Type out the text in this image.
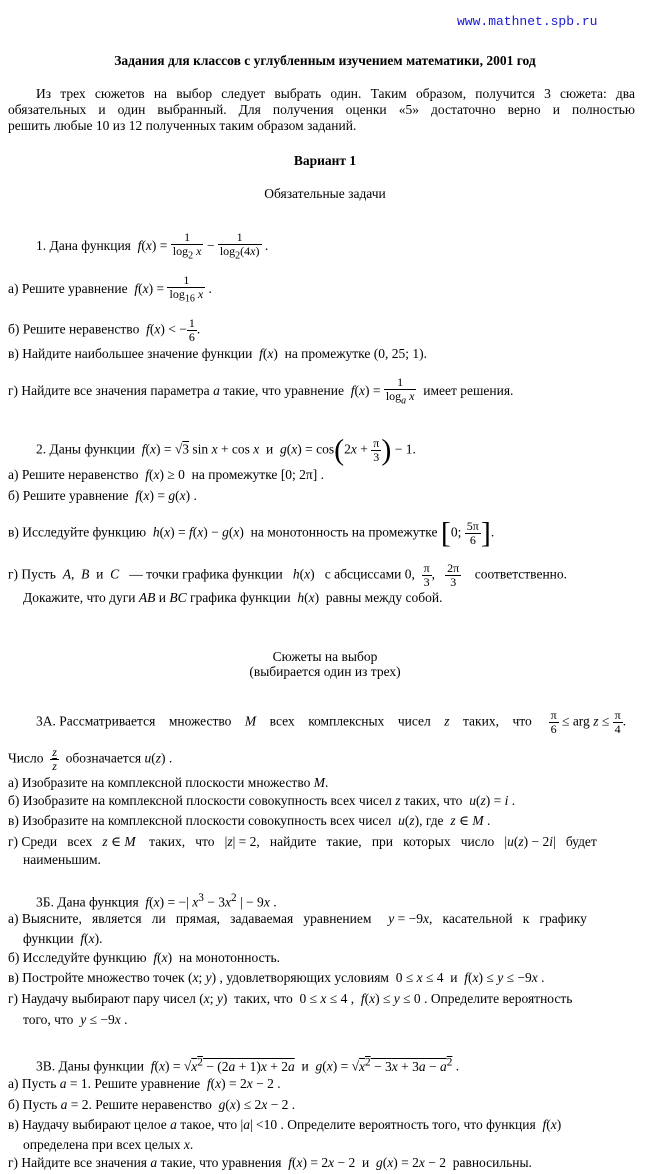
www.mathnet.spb.ru
Задания для классов с углубленным изучением математики, 2001 год
Из трех сюжетов на выбор следует выбрать один. Таким образом, получится 3 сюжета: два
обязательных и один выбранный. Для получения оценки «5» достаточно верно и полностью
решить любые 10 из 12 полученных таким образом заданий.
Вариант 1
Обязательные задачи
1. Дана функция $f(x) = \frac{1}{\log_2 x} - \frac{1}{\log_2(4x)}$ .
а) Решите уравнение $f(x) = \frac{1}{\log_{16} x}$ .
б) Решите неравенство f(x) < − $\frac{1}{6}$ .
в) Найдите наибольшее значение функции f(x)  на промежутке (0, 25; 1).
г) Найдите все значения параметра a такие, что уравнение $f(x) = \frac{1}{\log_a x}$ имеет решения.
2. Даны функции f(x) = √3 sin x + cos x и $g(x) = \cos(2x + \frac{\pi}{3}$ ) − 1.
а) Решите неравенство f(x) ≥ 0  на промежутке [0; 2π] .
б) Решите уравнение f(x) = g(x) .
в) Исследуйте функцию h(x) = f(x) − g(x)  на монотонность на промежутке [0; $\frac{5\pi}{6}$ ].
г) Пусть A,  B и C — точки графика функции h(x)   с абсциссами 0, $\frac{\pi}{3}$ , $\frac{2\pi}{3}$ соответственно.
Докажите, что дуги AB и BC графика функции h(x)  равны между собой.
Сюжеты на выбор
(выбирается один из трех)
3А. Рассматривается множество M всех комплексных чисел z таких, что $\frac{\pi}{6}$ ≤ arg $z \le \frac{\pi}{4}$ .
Число $\frac{z}{z}$ обозначается u(z) .
а) Изобразите на комплексной плоскости множество M.
б) Изобразите на комплексной плоскости совокупность всех чисел z таких, что u(z) = i .
в) Изобразите на комплексной плоскости совокупность всех чисел u(z), где z ∈ M .
г) Среди всех z ∈ M таких, что   |z| = 2, найдите такие, при которых число   |u(z) − 2i|   будет
наименьшим.
3Б. Дана функция f(x) = −| $x^3 - 3x^2$ | − 9x .
а) Выясните, является ли прямая, задаваемая уравнением y = −9x, касательной к графику
функции f(x).
б) Исследуйте функцию f(x)  на монотонность.
в) Постройте множество точек (x; y) , удовлетворяющих условиям  0 ≤ x ≤ 4  и f(x) ≤ y ≤ −9x .
г) Наудачу выбирают пару чисел (x; y)  таких, что  0 ≤ x ≤ 4 ,  f(x) ≤ y ≤ 0 . Определите вероятность
того, что y ≤ −9x .
3В. Даны функции $f(x) = √x^2 - (2a + 1)x + 2a$ и $g(x) = √x^2 - 3x + 3a - a^2$ .
а) Пусть a = 1. Решите уравнение f(x) = 2x − 2 .
б) Пусть a = 2. Решите неравенство g(x) ≤ 2x − 2 .
в) Наудачу выбирают целое a такое, что |a| <10 . Определите вероятность того, что функция f(x)
определена при всех целых x.
г) Найдите все значения a такие, что уравнения f(x) = 2x − 2  и g(x) = 2x − 2  равносильны.
